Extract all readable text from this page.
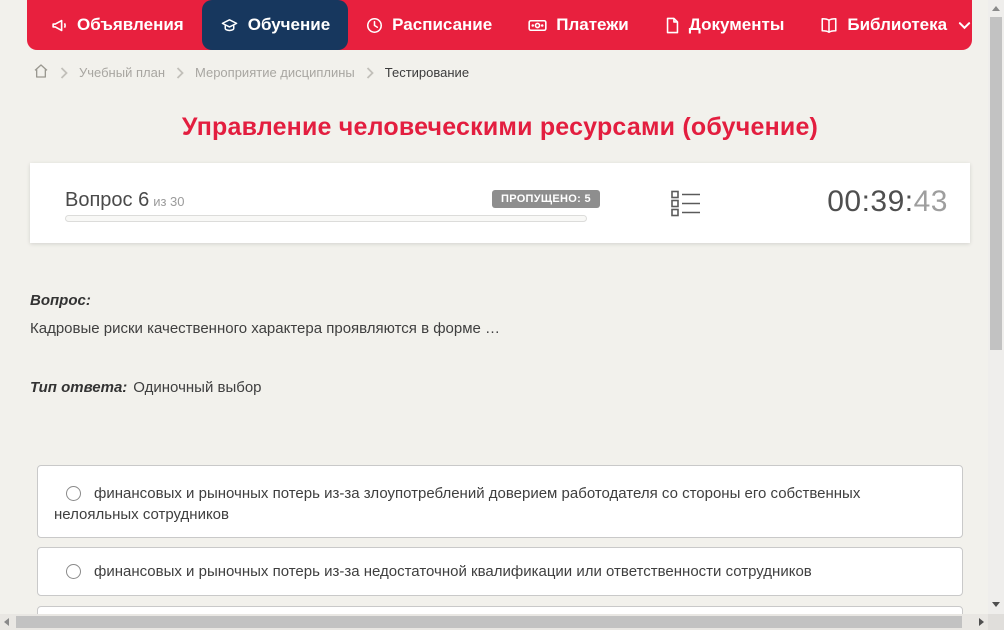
Объявления	Обучение	Расписание	Платежи	Документы	Библиотека
Учебный план Мероприятие дисциплины Тестирование
Управление человеческими ресурсами (обучение)
Вопрос 6 из 30	ПРОПУЩЕНО: 5	00:39:43

Вопрос:

Кадровые риски качественного характера проявляются в форме …

Тип ответа: Одиночный выбор

финансовых и рыночных потерь из-за злоупотреблений доверием работодателя со стороны его собственных нелояльных сотрудников
финансовых и рыночных потерь из-за недостаточной квалификации или ответственности сотрудников
